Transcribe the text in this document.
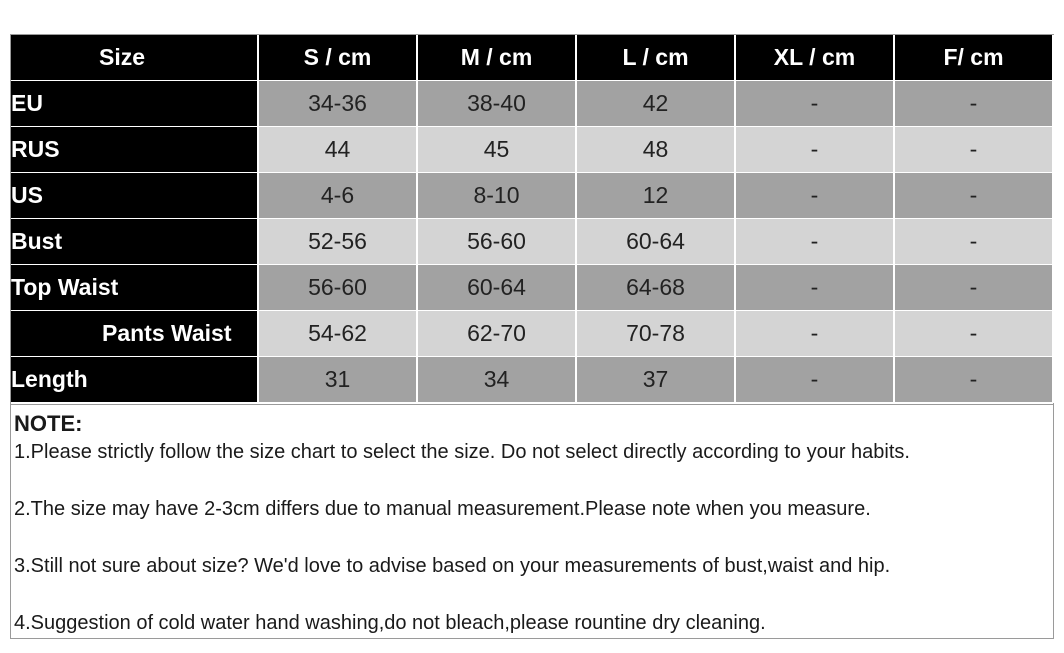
Size	S / cm	M / cm	L / cm	XL / cm	F/ cm
EU	34-36	38-40	42	-	-
RUS	44	45	48	-	-
US	4-6	8-10	12	-	-
Bust	52-56	56-60	60-64	-	-
Top Waist	56-60	60-64	64-68	-	-
Pants Waist	54-62	62-70	70-78	-	-
Length	31	34	37	-	-
NOTE:
1.Please strictly follow the size chart to select the size. Do not select directly according to your habits.
2.The size may have 2-3cm differs due to manual measurement.Please note when you measure.
3.Still not sure about size? We'd love to advise based on your measurements of bust,waist and hip.
4.Suggestion of cold water hand washing,do not bleach,please rountine dry cleaning.
